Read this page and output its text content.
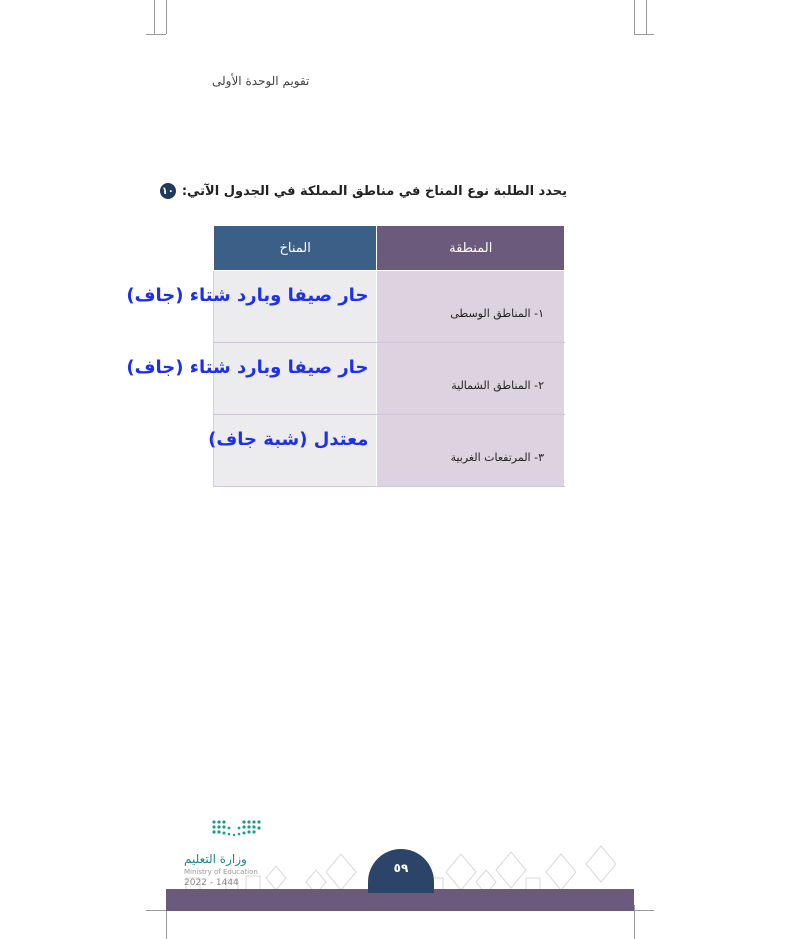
تقويم الوحدة الأولى
١٠ يحدد الطلبة نوع المناخ في مناطق المملكة في الجدول الآتي:
المنطقة	المناخ
١- المناطق الوسطى	حار صيفا وبارد شتاء (جاف)

٢- المناطق الشمالية	حار صيفا وبارد شتاء (جاف)

٣- المرتفعات الغربية	معتدل (شبة جاف)
٥٩
وزارة التعليم
Ministry of Education
2022 - 1444
